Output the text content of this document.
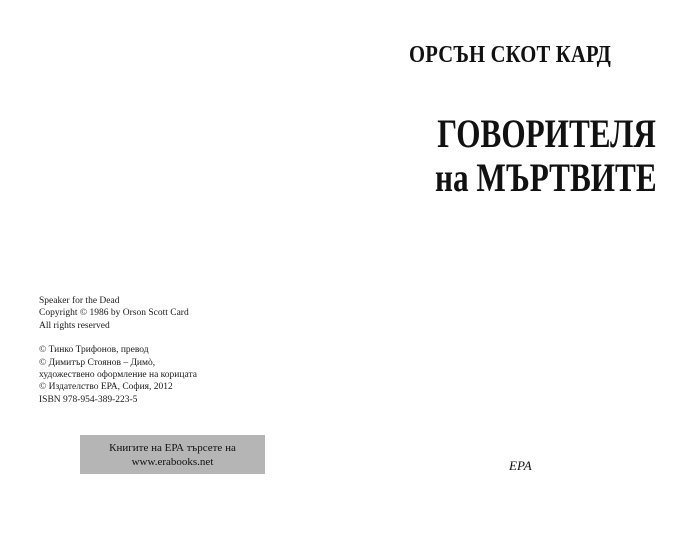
Speaker for the Dead
Copyright © 1986 by Orson Scott Card
All rights reserved
© Тинко Трифонов, превод
© Димитър Стоянов – Димò,
художествено оформление на корицата
© Издателство ЕРА, София, 2012
ISBN 978-954-389-223-5
Книгите на ЕРА търсете на
www.erabooks.net
ОРСЪН СКОТ КАРД
ГОВОРИТЕЛЯ
на МЪРТВИТЕ
ЕРА
